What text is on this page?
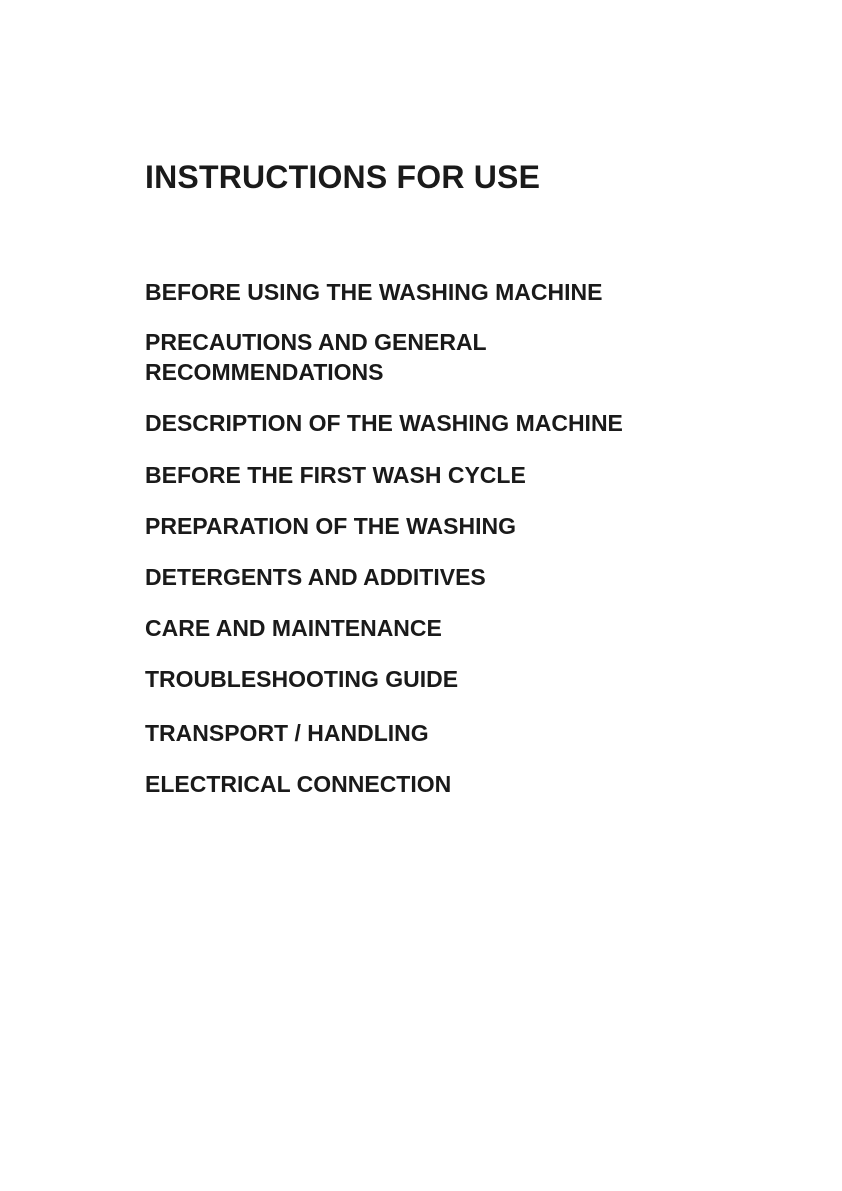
INSTRUCTIONS FOR USE
BEFORE USING THE WASHING MACHINE
PRECAUTIONS AND GENERAL
RECOMMENDATIONS
DESCRIPTION OF THE WASHING MACHINE
BEFORE THE FIRST WASH CYCLE
PREPARATION OF THE WASHING
DETERGENTS AND ADDITIVES
CARE AND MAINTENANCE
TROUBLESHOOTING GUIDE
TRANSPORT / HANDLING
ELECTRICAL CONNECTION
